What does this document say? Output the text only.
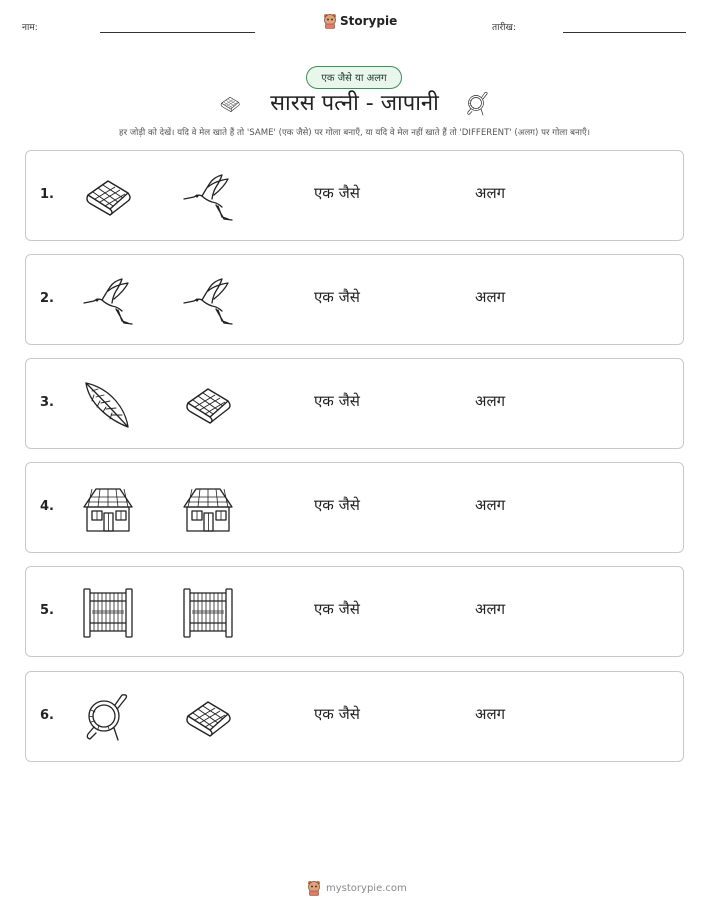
नाम:	Storypie	तारीख:
एक जैसे या अलग
सारस पत्नी - जापानी
हर जोड़ी को देखें। यदि वे मेल खाते हैं तो 'SAME' (एक जैसे) पर गोला बनाएँ, या यदि वे मेल नहीं खाते हैं तो 'DIFFERENT' (अलग) पर गोला बनाएँ।
1.	एक जैसे	अलग
2.	एक जैसे	अलग
3.	एक जैसे	अलग
4.	एक जैसे	अलग
5.	एक जैसे	अलग
6.	एक जैसे	अलग
mystorypie.com
